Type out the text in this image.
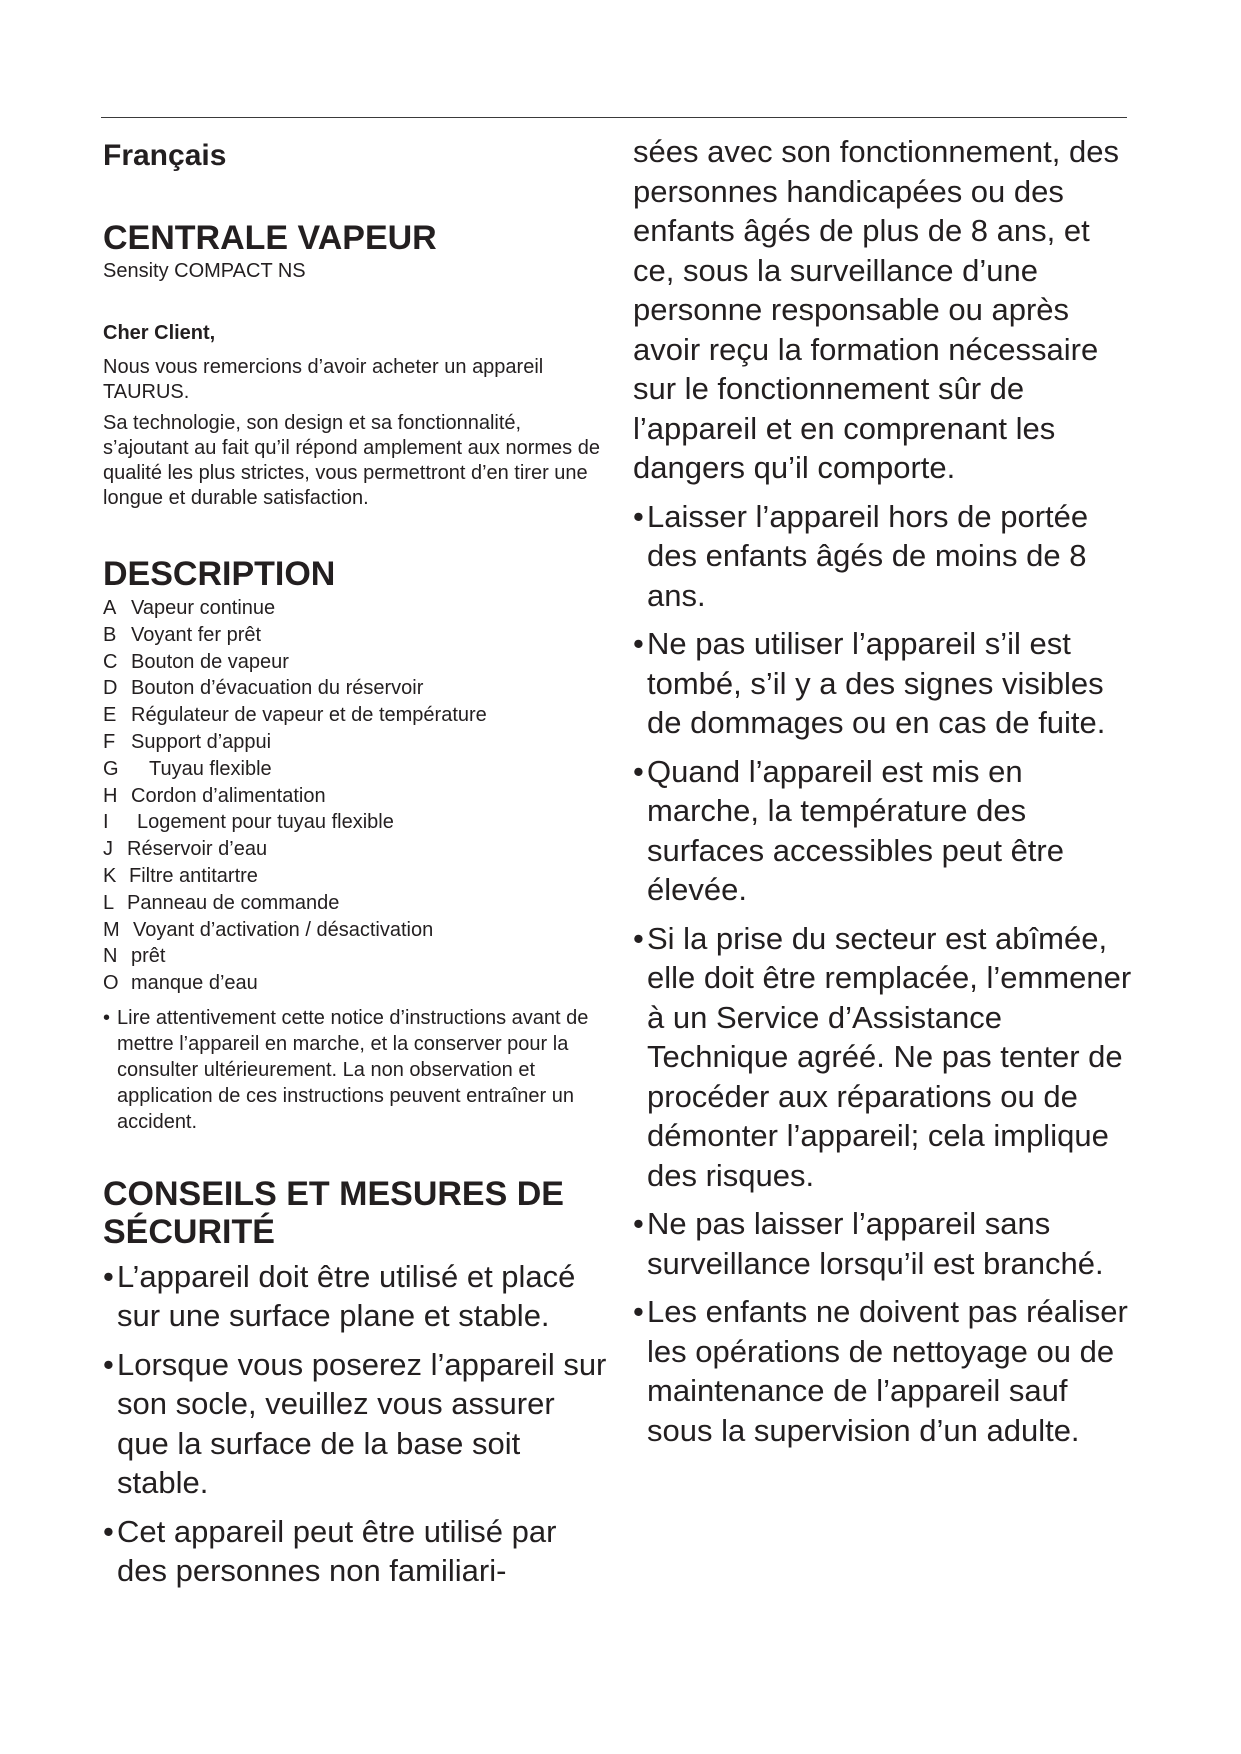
Français
CENTRALE VAPEUR
Sensity COMPACT NS
Cher Client,

Nous vous remercions d’avoir acheter un appareil TAURUS.

Sa technologie, son design et sa fonctionnalité, s’ajoutant au fait qu’il répond amplement aux normes de qualité les plus strictes, vous permettront d’en tirer une longue et durable satisfaction.

DESCRIPTION
A Vapeur continue
B Voyant fer prêt
C Bouton de vapeur
D Bouton d’évacuation du réservoir
E Régulateur de vapeur et de température
F Support d’appui
G	Tuyau flexible
H Cordon d’alimentation
I	Logement pour tuyau flexible
J Réservoir d’eau
K Filtre antitartre
L Panneau de commande
M Voyant d’activation / désactivation
N prêt
O manque d’eau

• Lire attentivement cette notice d’instructions avant de mettre l’appareil en marche, et la conserver pour la consulter ultérieurement. La non observation et application de ces instructions peuvent entraîner un accident.

CONSEILS ET MESURES DE SÉCURITÉ
• L’appareil doit être utilisé et placé sur une surface plane et stable.
• Lorsque vous poserez l’appareil sur son socle, veuillez vous assurer que la surface de la base soit stable.
• Cet appareil peut être utilisé par des personnes non familiari-

sées avec son fonctionnement, des personnes handicapées ou des enfants âgés de plus de 8 ans, et ce, sous la surveillance d’une personne responsable ou après avoir reçu la formation nécessaire sur le fonctionnement sûr de l’appareil et en comprenant les dangers qu’il comporte.

• Laisser l’appareil hors de portée des enfants âgés de moins de 8 ans.
• Ne pas utiliser l’appareil s’il est tombé, s’il y a des signes visibles de dommages ou en cas de fuite.
• Quand l’appareil est mis en marche, la température des surfaces accessibles peut être élevée.
• Si la prise du secteur est abîmée, elle doit être remplacée, l’emmener à un Service d’Assistance Technique agréé. Ne pas tenter de procéder aux réparations ou de démonter l’appareil; cela implique des risques.
• Ne pas laisser l’appareil sans surveillance lorsqu’il est branché.
• Les enfants ne doivent pas réaliser les opérations de nettoyage ou de maintenance de l’appareil sauf sous la supervision d’un adulte.
